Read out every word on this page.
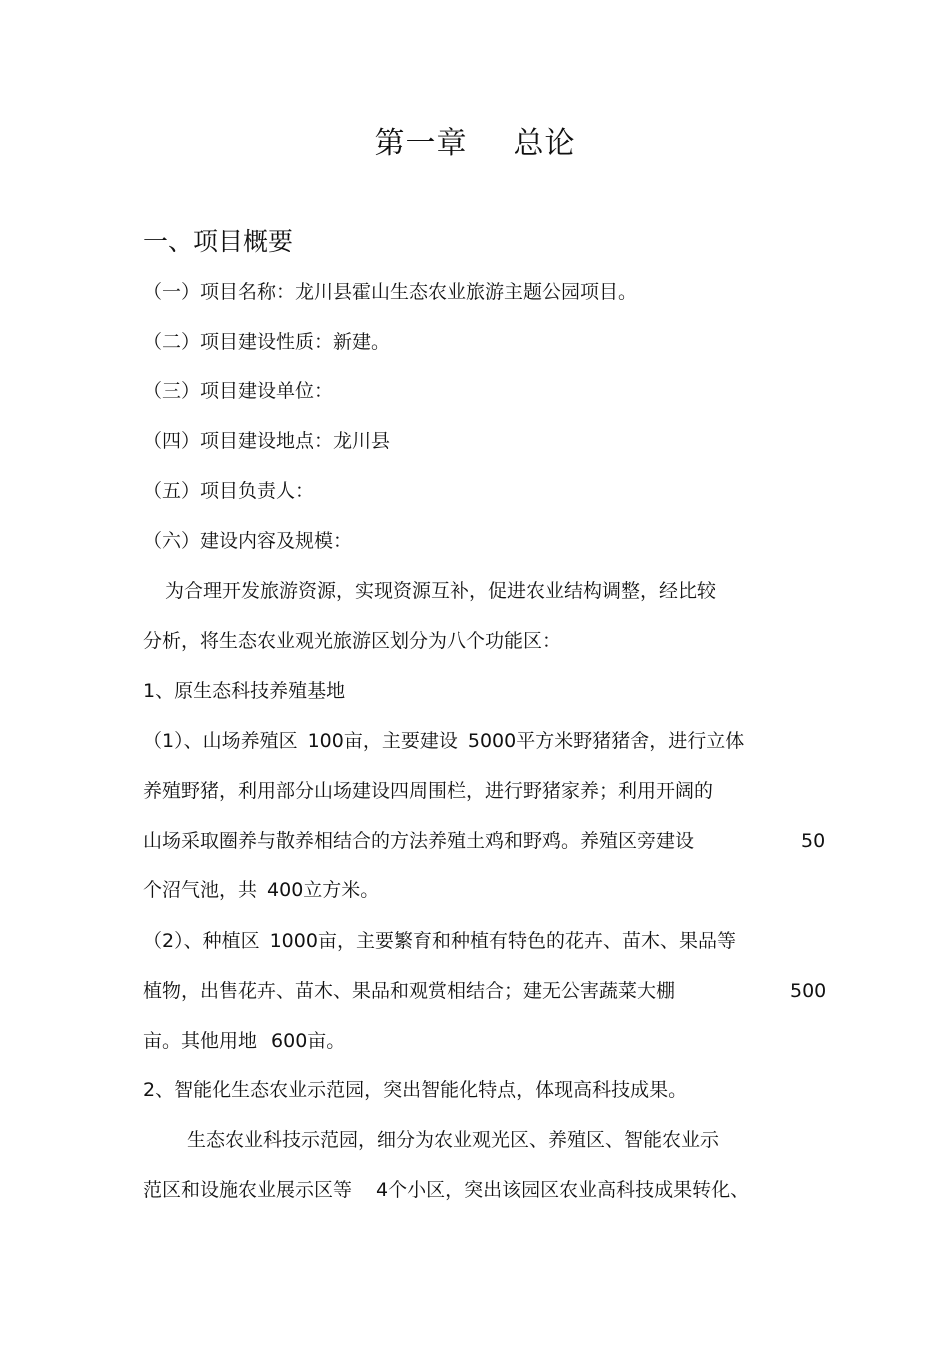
第一章 总论
一、项目概要
（一）项目名称：龙川县霍山生态农业旅游主题公园项目。
（二）项目建设性质：新建。
（三）项目建设单位：
（四）项目建设地点：龙川县
（五）项目负责人：
（六）建设内容及规模：
为合理开发旅游资源，实现资源互补，促进农业结构调整，经比较
分析，将生态农业观光旅游区划分为八个功能区：
1、原生态科技养殖基地
（1）、山场养殖区 100亩，主要建设 5000平方米野猪猪舍，进行立体
养殖野猪，利用部分山场建设四周围栏，进行野猪家养；利用开阔的
山场采取圈养与散养相结合的方法养殖土鸡和野鸡。养殖区旁建设	50
个沼气池，共 400立方米。
（2）、种植区 1000亩，主要繁育和种植有特色的花卉、苗木、果品等
植物，出售花卉、苗木、果品和观赏相结合；建无公害蔬菜大棚	500
亩。其他用地 600亩。
2、智能化生态农业示范园，突出智能化特点，体现高科技成果。
生态农业科技示范园，细分为农业观光区、养殖区、智能农业示
范区和设施农业展示区等 4个小区，突出该园区农业高科技成果转化、
